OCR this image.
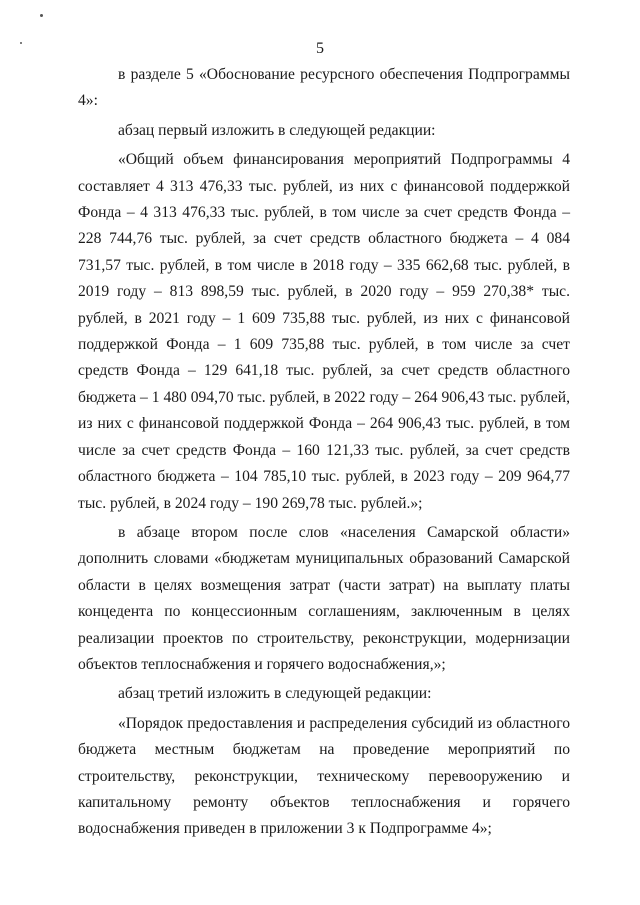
5

в разделе 5 «Обоснование ресурсного обеспечения Подпрограммы 4»:

абзац первый изложить в следующей редакции:

«Общий объем финансирования мероприятий Подпрограммы 4 составляет 4 313 476,33 тыс. рублей, из них с финансовой поддержкой Фонда – 4 313 476,33 тыс. рублей, в том числе за счет средств Фонда – 228 744,76 тыс. рублей, за счет средств областного бюджета – 4 084 731,57 тыс. рублей, в том числе в 2018 году – 335 662,68 тыс. рублей, в 2019 году – 813 898,59 тыс. рублей, в 2020 году – 959 270,38* тыс. рублей, в 2021 году – 1 609 735,88 тыс. рублей, из них с финансовой поддержкой Фонда – 1 609 735,88 тыс. рублей, в том числе за счет средств Фонда – 129 641,18 тыс. рублей, за счет средств областного бюджета – 1 480 094,70 тыс. рублей, в 2022 году – 264 906,43 тыс. рублей, из них с финансовой поддержкой Фонда – 264 906,43 тыс. рублей, в том числе за счет средств Фонда – 160 121,33 тыс. рублей, за счет средств областного бюджета – 104 785,10 тыс. рублей, в 2023 году – 209 964,77 тыс. рублей, в 2024 году – 190 269,78 тыс. рублей.»;

в абзаце втором после слов «населения Самарской области» дополнить словами «бюджетам муниципальных образований Самарской области в целях возмещения затрат (части затрат) на выплату платы концедента по концессионным соглашениям, заключенным в целях реализации проектов по строительству, реконструкции, модернизации объектов теплоснабжения и горячего водоснабжения,»;

абзац третий изложить в следующей редакции:

«Порядок предоставления и распределения субсидий из областного бюджета местным бюджетам на проведение мероприятий по строительству, реконструкции, техническому перевооружению и капитальному ремонту объектов теплоснабжения и горячего водоснабжения приведен в приложении 3 к Подпрограмме 4»;
